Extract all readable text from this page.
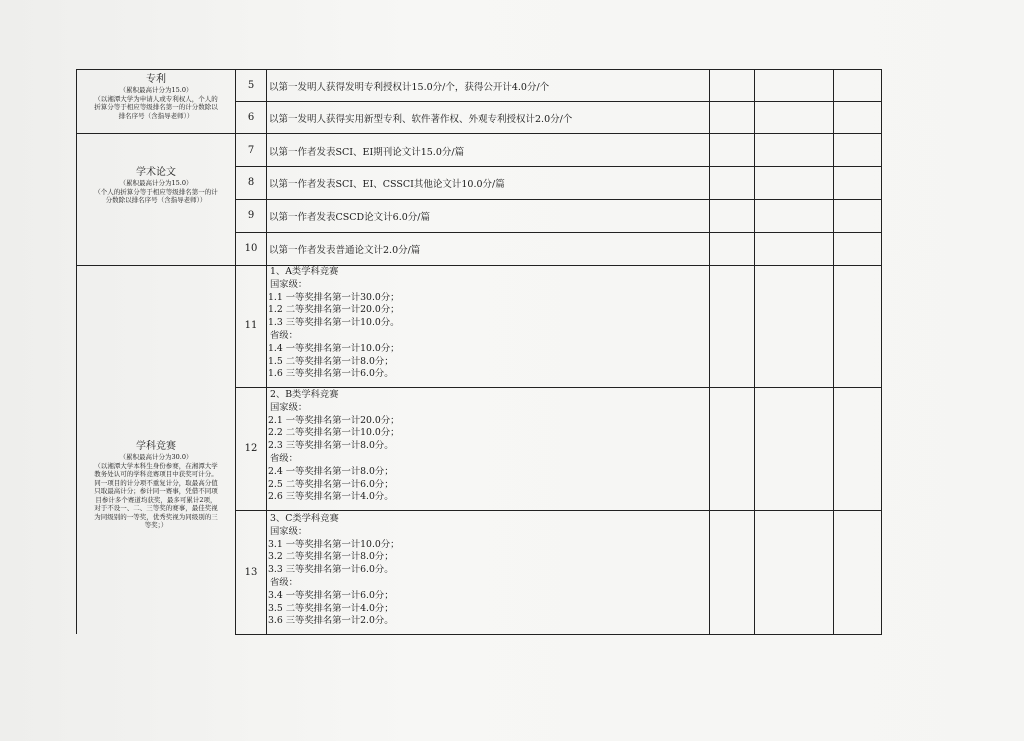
专利
（累积最高计分为15.0）
（以湘潭大学为申请人或专利权人，个人的
折算分等于相应等级排名第一的计分数除以
排名序号（含指导老师））
学术论文
（累积最高计分为15.0）
（个人的折算分等于相应等级排名第一的计
分数除以排名序号（含指导老师））
学科竞赛
（累积最高计分为30.0）
（以湘潭大学本科生身份参赛，在湘潭大学
教务处认可的学科竞赛项目中获奖可计分。
同一项目的计分项不重复计分，取最高分值
只取最高计分；参计同一赛事，凭借不同项
目参计多个赛道均获奖，最多可累计2项，
对于不设一、二、三等奖的赛事，最佳奖视
为同级别的一等奖，优秀奖视为同级别的三
等奖；）
5
6
7
8
9
10
11
12
13
以第一发明人获得发明专利授权计15.0分/个，获得公开计4.0分/个
以第一发明人获得实用新型专利、软件著作权、外观专利授权计2.0分/个
以第一作者发表SCI、EI期刊论文计15.0分/篇
以第一作者发表SCI、EI、CSSCI其他论文计10.0分/篇
以第一作者发表CSCD论文计6.0分/篇
以第一作者发表普通论文计2.0分/篇
1、A类学科竞赛
国家级：
1.1 一等奖排名第一计30.0分；
1.2 二等奖排名第一计20.0分；
1.3 三等奖排名第一计10.0分。
省级：
1.4 一等奖排名第一计10.0分；
1.5 二等奖排名第一计8.0分；
1.6 三等奖排名第一计6.0分。
2、B类学科竞赛
国家级：
2.1 一等奖排名第一计20.0分；
2.2 二等奖排名第一计10.0分；
2.3 三等奖排名第一计8.0分。
省级：
2.4 一等奖排名第一计8.0分；
2.5 二等奖排名第一计6.0分；
2.6 三等奖排名第一计4.0分。
3、C类学科竞赛
国家级：
3.1 一等奖排名第一计10.0分；
3.2 二等奖排名第一计8.0分；
3.3 三等奖排名第一计6.0分。
省级：
3.4 一等奖排名第一计6.0分；
3.5 二等奖排名第一计4.0分；
3.6 三等奖排名第一计2.0分。
